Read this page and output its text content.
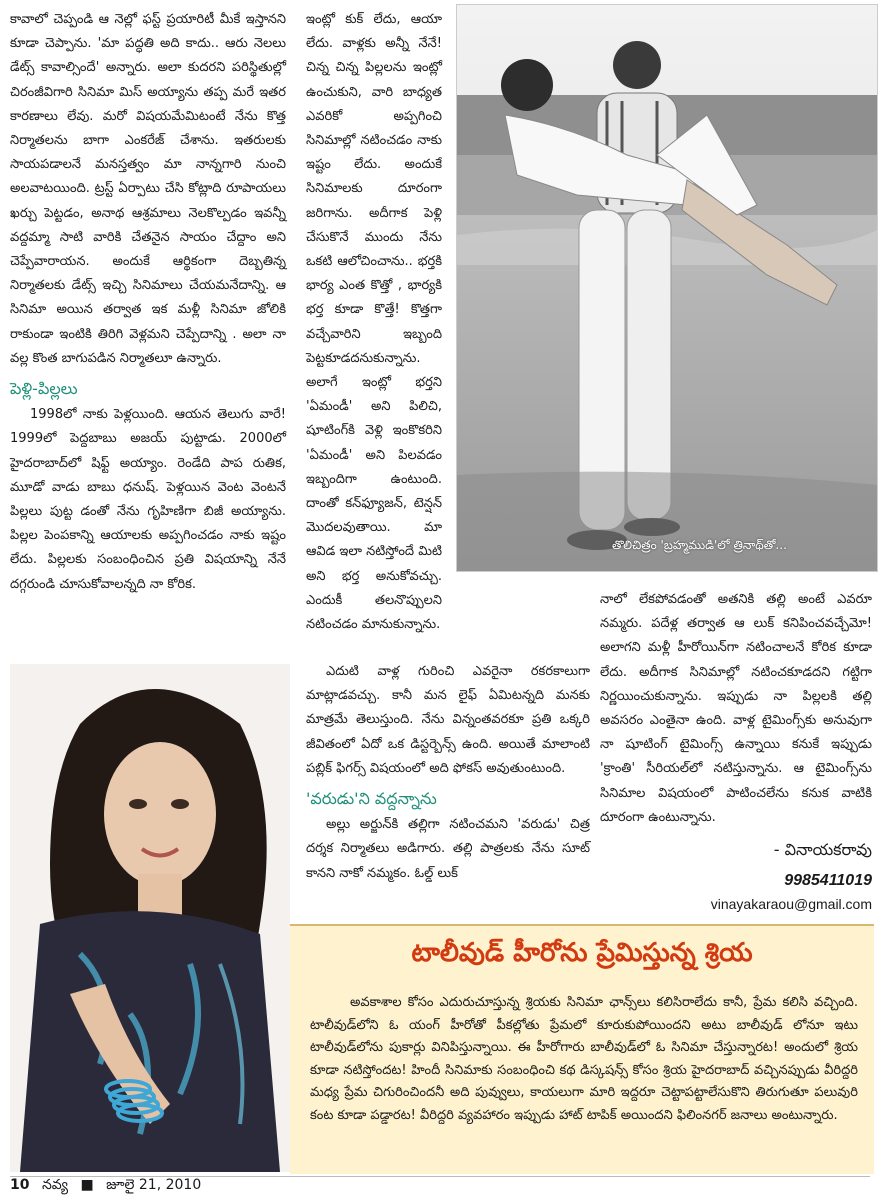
కావాలో చెప్పండి ఆ నెల్లో ఫస్ట్ ప్రయారిటీ మీకే ఇస్తానని కూడా చెప్పాను. 'మా పద్ధతి అది కాదు.. ఆరు నెలలు డేట్స్ కావాల్సిందే' అన్నారు. అలా కుదరని పరిస్థితుల్లో చిరంజీవిగారి సినిమా మిస్ అయ్యాను తప్ప మరే ఇతర కారణాలు లేవు. మరో విషయమేమిటంటే నేను కొత్త నిర్మాతలను బాగా ఎంకరేజ్ చేశాను. ఇతరులకు సాయపడాలనే మనస్తత్వం మా నాన్నగారి నుంచి అలవాటయింది. ట్రస్ట్ ఏర్పాటు చేసి కోట్లాది రూపాయలు ఖర్చు పెట్టడం, అనాథ ఆశ్రమాలు నెలకొల్పడం ఇవన్నీ వద్దమ్మా సాటి వారికి చేతనైన సాయం చేద్దాం అని చెప్పేవారాయన. అందుకే ఆర్థికంగా దెబ్బతిన్న నిర్మాతలకు డేట్స్ ఇచ్చి సినిమాలు చేయమనేదాన్ని. ఆ సినిమా అయిన తర్వాత ఇక మళ్లీ సినిమా జోలికి రాకుండా ఇంటికి తిరిగి వెళ్లమని చెప్పేదాన్ని . అలా నా వల్ల కొంత బాగుపడిన నిర్మాతలూ ఉన్నారు.

పెళ్లి-పిల్లలు

1998లో నాకు పెళ్లయింది. ఆయన తెలుగు వారే! 1999లో పెద్దబాబు అజయ్ పుట్టాడు. 2000లో హైదరాబాద్‌లో షిఫ్ట్ అయ్యాం. రెండేది పాప రుతిక, మూడో వాడు బాబు ధనుష్. పెళ్లయిన వెంట వెంటనే పిల్లలు పుట్ట డంతో నేను గృహిణిగా బిజీ అయ్యాను. పిల్లల పెంపకాన్ని ఆయాలకు అప్పగించడం నాకు ఇష్టం లేదు. పిల్లలకు సంబంధించిన ప్రతి విషయాన్ని నేనే దగ్గరుండి చూసుకోవాలన్నది నా కోరిక.

ఇంట్లో కుక్ లేదు, ఆయా లేదు. వాళ్లకు అన్నీ నేనే! చిన్న చిన్న పిల్లలను ఇంట్లో ఉంచుకుని, వారి బాధ్యత ఎవరికో అప్పగించి సినిమాల్లో నటించడం నాకు ఇష్టం లేదు. అందుకే సినిమాలకు దూరంగా జరిగాను. అదీగాక పెళ్లి చేసుకొనే ముందు నేను ఒకటి ఆలోచించాను.. భర్తకి భార్య ఎంత కొత్తో , భార్యకి భర్త కూడా కొత్తే! కొత్తగా వచ్చేవారిని ఇబ్బంది పెట్టకూడదనుకున్నాను. అలాగే ఇంట్లో భర్తని 'ఏమండీ' అని పిలిచి, షూటింగ్‌కి వెళ్లి ఇంకొకరిని 'ఏమండీ' అని పిలవడం ఇబ్బందిగా ఉంటుంది. దాంతో కన్‌ఫ్యూజన్, టెన్షన్ మొదలవుతాయి. మా ఆవిడ ఇలా నటిస్తోందే మిటి అని భర్త అనుకోవచ్చు. ఎందుకీ తలనొప్పులని నటించడం మానుకున్నాను.

ఎదుటి వాళ్ల గురించి ఎవరైనా రకరకాలుగా మాట్లాడవచ్చు. కానీ మన లైఫ్ ఏమిటన్నది మనకు మాత్రమే తెలుస్తుంది. నేను విన్నంతవరకూ ప్రతి ఒక్కరి జీవితంలో ఏదో ఒక డిస్టర్బెన్స్ ఉంది. అయితే మాలాంటి పబ్లిక్ ఫిగర్స్ విషయంలో అది ఫోకస్ అవుతుంటుంది.

'వరుడు'ని వద్దన్నాను

అల్లు అర్జున్‌కి తల్లిగా నటించమని 'వరుడు' చిత్ర దర్శక నిర్మాతలు అడిగారు. తల్లి పాత్రలకు నేను సూట్ కానని నాకో నమ్మకం. ఓల్డ్ లుక్

నాలో లేకపోవడంతో అతనికి తల్లి అంటే ఎవరూ నమ్మరు. పదేళ్ల తర్వాత ఆ లుక్ కనిపించవచ్చేమో! అలాగని మళ్లీ హీరోయిన్‌గా నటించాలనే కోరిక కూడా లేదు. అదీగాక సినిమాల్లో నటించకూడదని గట్టిగా నిర్ణయించుకున్నాను. ఇప్పుడు నా పిల్లలకి తల్లి అవసరం ఎంతైనా ఉంది. వాళ్ల టైమింగ్స్‌కు అనువుగా నా షూటింగ్ టైమింగ్స్ ఉన్నాయి కనుకే ఇప్పుడు 'క్రాంతి' సీరియల్‌లో నటిస్తున్నాను. ఆ టైమింగ్స్‌ను సినిమాల విషయంలో పాటించలేను కనుక వాటికి దూరంగా ఉంటున్నాను.

తొలిచిత్రం 'బ్రహ్మముడి'లో త్రినాథ్‌తో...
- వినాయకరావు
9985411019
vinayakaraou@gmail.com
టాలీవుడ్ హీరోను ప్రేమిస్తున్న శ్రియ
అవకాశాల కోసం ఎదురుచూస్తున్న శ్రియకు సినిమా ఛాన్స్‌లు కలిసిరాలేదు కానీ, ప్రేమ కలిసి వచ్చింది. టాలీవుడ్‌లోని ఓ యంగ్ హీరోతో పీకల్లోతు ప్రేమలో కూరుకుపోయిందని అటు బాలీవుడ్ లోనూ ఇటు టాలీవుడ్‌లోను పుకార్లు వినిపిస్తున్నాయి. ఈ హీరోగారు బాలీవుడ్‌లో ఓ సినిమా చేస్తున్నారట! అందులో శ్రియ కూడా నటిస్తోందట! హిందీ సినిమాకు సంబంధించి కథ డిస్కషన్స్ కోసం శ్రియ హైదరాబాద్ వచ్చినప్పుడు వీరిద్దరి మధ్య ప్రేమ చిగురించిందనీ అది పువ్వులు, కాయలుగా మారి ఇద్దరూ చెట్టాపట్టాలేసుకొని తిరుగుతూ పలువురి కంట కూడా పడ్డారట! వీరిద్దరి వ్యవహారం ఇప్పుడు హాట్ టాపిక్ అయిందని ఫిలింనగర్ జనాలు అంటున్నారు.
10 నవ్య ■ జూలై 21, 2010
